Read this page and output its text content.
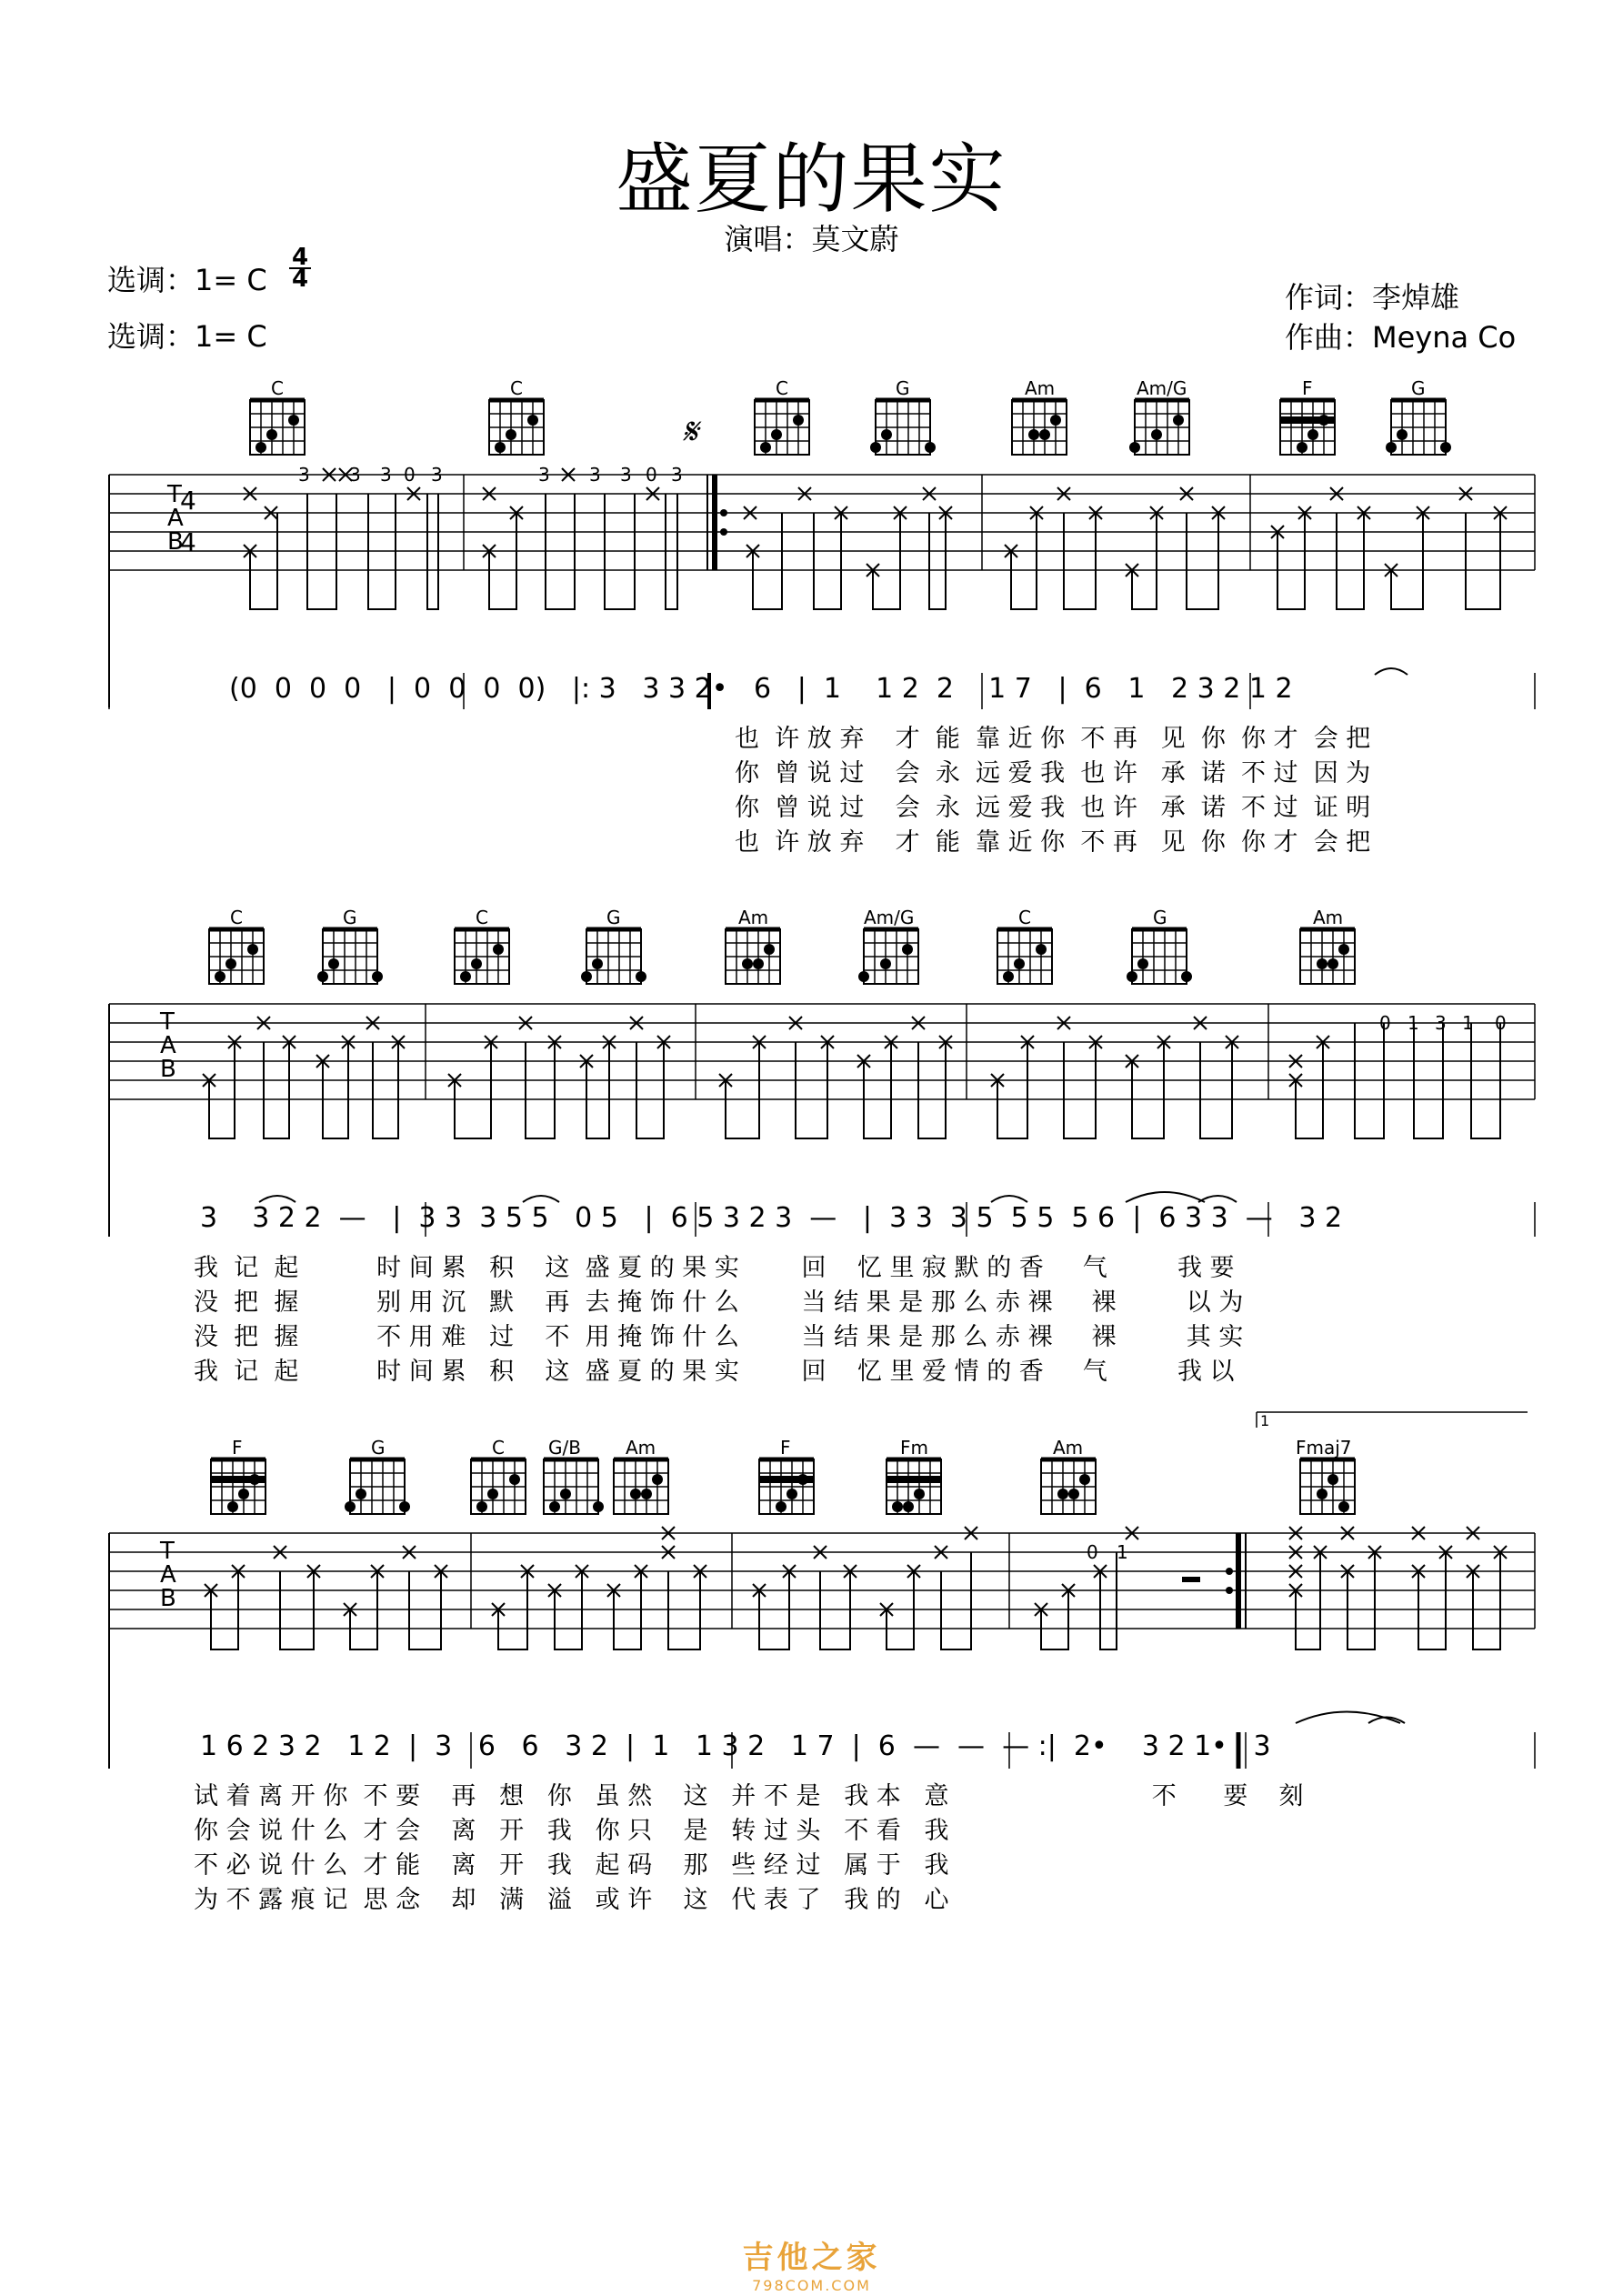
盛夏的果实
演唱：莫文蔚
选调：1= C
4
4
选调：1= C
作词：李焯雄
作曲：Meyna Co
T
A
B
4
4
𝄋
T
A
B
0 1 3 1 0
T
A
B
0 1
C	C	C	G	Am	Am/G	F	G
C	G	C	G	Am	Am/G	C	G	Am
F	G	C G/B Am	F	Fm	Am	Fmaj7
1
3 3 3 0 3	3 3 3 0 3
(0  0  0  0   |  0  0  0  0)   |: 3   3 3 2•   6   |  1    1 2  2    1 7   |  6   1   2 3 2 1 2
3    3 2 2  —   |  3 3  3 5 5   0 5   |  6 5 3 2 3  —   |  3 3  3 5  5 5  5 6  |  6 3 3  —   3 2
1 6 2 3 2   1 2  |  3   6   6   3 2  |  1   1 3 2   1 7  |  6  —  —  — :|  2•    3 2 1•   3
也  许 放 弃    才  能  靠 近 你  不 再   见  你  你 才  会 把
你  曾 说 过    会  永  远 爱 我  也 许   承  诺  不 过  因 为
你  曾 说 过    会  永  远 爱 我  也 许   承  诺  不 过  证 明
也  许 放 弃    才  能  靠 近 你  不 再   见  你  你 才  会 把
我  记  起          时 间 累   积    这  盛 夏 的 果 实        回    忆 里 寂 默 的 香     气         我 要
没  把  握          别 用 沉   默    再  去 掩 饰 什 么        当 结 果 是 那 么 赤 裸     裸         以 为
没  把  握          不 用 难   过    不  用 掩 饰 什 么        当 结 果 是 那 么 赤 裸     裸         其 实
我  记  起          时 间 累   积    这  盛 夏 的 果 实        回    忆 里 爱 情 的 香     气         我 以
试 着 离 开 你  不 要    再   想   你   虽 然    这   并 不 是   我 本   意                          不      要    刻
你 会 说 什 么  才 会    离   开   我   你 只    是   转 过 头   不 看   我
不 必 说 什 么  才 能    离   开   我   起 码    那   些 经 过   属 于   我
为 不 露 痕 记  思 念    却   满   溢   或 许    这   代 表 了   我 的   心
吉他之家
798COM.COM
